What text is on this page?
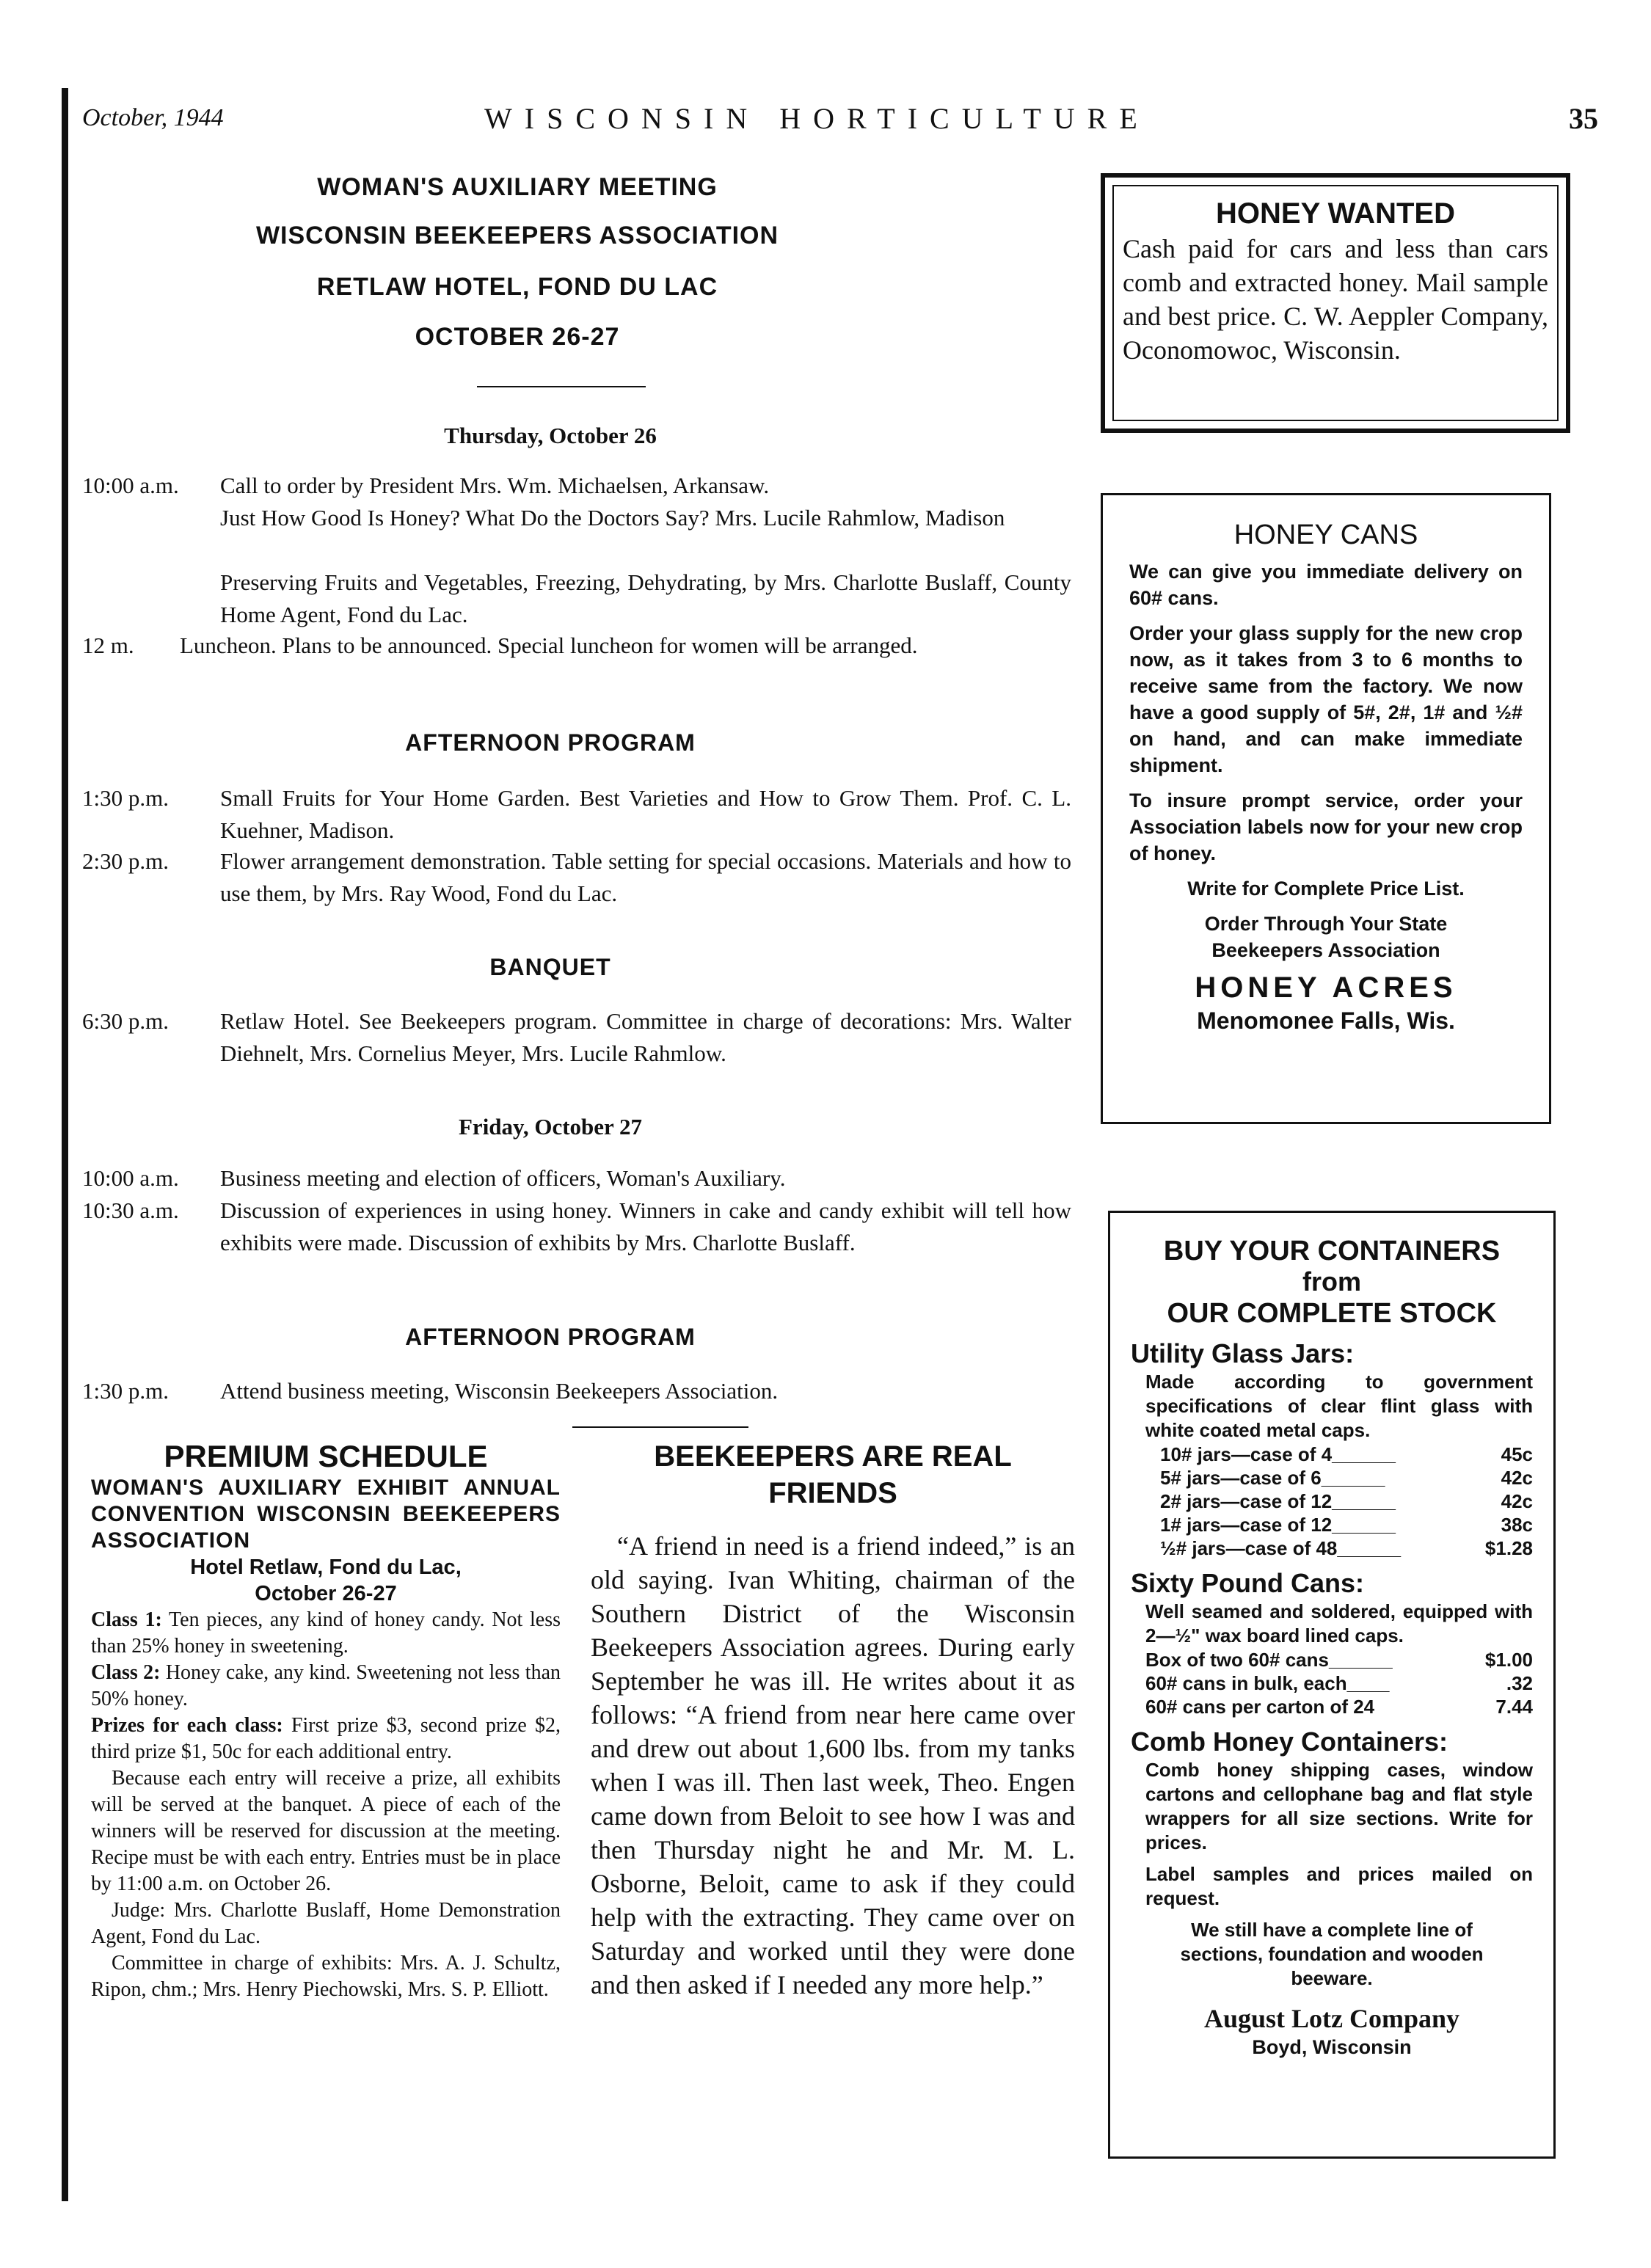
October, 1944	WISCONSIN HORTICULTURE	35
WOMAN'S AUXILIARY MEETING
WISCONSIN BEEKEEPERS ASSOCIATION
RETLAW HOTEL, FOND DU LAC
OCTOBER 26-27
Thursday, October 26
10:00 a.m. Call to order by President Mrs. Wm. Michaelsen, Arkansaw.
Just How Good Is Honey? What Do the Doctors Say? Mrs. Lucile Rahmlow, Madison
Preserving Fruits and Vegetables, Freezing, Dehydrating, by Mrs. Charlotte Buslaff, County Home Agent, Fond du Lac.
12 m. Luncheon. Plans to be announced. Special luncheon for women will be arranged.
AFTERNOON PROGRAM
1:30 p.m. Small Fruits for Your Home Garden. Best Varieties and How to Grow Them. Prof. C. L. Kuehner, Madison.
2:30 p.m. Flower arrangement demonstration. Table setting for special occasions. Materials and how to use them, by Mrs. Ray Wood, Fond du Lac.
BANQUET
6:30 p.m. Retlaw Hotel. See Beekeepers program. Committee in charge of decorations: Mrs. Walter Diehnelt, Mrs. Cornelius Meyer, Mrs. Lucile Rahmlow.
Friday, October 27
10:00 a.m. Business meeting and election of officers, Woman's Auxiliary.
10:30 a.m. Discussion of experiences in using honey. Winners in cake and candy exhibit will tell how exhibits were made. Discussion of exhibits by Mrs. Charlotte Buslaff.
AFTERNOON PROGRAM
1:30 p.m. Attend business meeting, Wisconsin Beekeepers Association.
PREMIUM SCHEDULE
WOMAN'S AUXILIARY EXHIBIT ANNUAL CONVENTION WISCONSIN BEEKEEPERS ASSOCIATION
Hotel Retlaw, Fond du Lac,
October 26-27
Class 1: Ten pieces, any kind of honey candy. Not less than 25% honey in sweetening.
Class 2: Honey cake, any kind. Sweetening not less than 50% honey.
Prizes for each class: First prize $3, second prize $2, third prize $1, 50c for each additional entry.
Because each entry will receive a prize, all exhibits will be served at the banquet. A piece of each of the winners will be reserved for discussion at the meeting. Recipe must be with each entry. Entries must be in place by 11:00 a.m. on October 26.
Judge: Mrs. Charlotte Buslaff, Home Demonstration Agent, Fond du Lac.
Committee in charge of exhibits: Mrs. A. J. Schultz, Ripon, chm.; Mrs. Henry Piechowski, Mrs. S. P. Elliott.
BEEKEEPERS ARE REAL FRIENDS
“A friend in need is a friend indeed,” is an old saying. Ivan Whiting, chairman of the Southern District of the Wisconsin Beekeepers Association agrees. During early September he was ill. He writes about it as follows: “A friend from near here came over and drew out about 1,600 lbs. from my tanks when I was ill. Then last week, Theo. Engen came down from Beloit to see how I was and then Thursday night he and Mr. M. L. Osborne, Beloit, came to ask if they could help with the extracting. They came over on Saturday and worked until they were done and then asked if I needed any more help.”
HONEY WANTED
Cash paid for cars and less than cars comb and extracted honey. Mail sample and best price. C. W. Aeppler Company, Oconomowoc, Wisconsin.
HONEY CANS
We can give you immediate delivery on 60# cans.
Order your glass supply for the new crop now, as it takes from 3 to 6 months to receive same from the factory. We now have a good supply of 5#, 2#, 1# and ½# on hand, and can make immediate shipment.
To insure prompt service, order your Association labels now for your new crop of honey.
Write for Complete Price List.
Order Through Your State Beekeepers Association
HONEY ACRES
Menomonee Falls, Wis.
BUY YOUR CONTAINERS
from
OUR COMPLETE STOCK
Utility Glass Jars:
Made according to government specifications of clear flint glass with white coated metal caps.
10# jars—case of 4______	45c
5# jars—case of 6______	42c
2# jars—case of 12______	42c
1# jars—case of 12______	38c
½# jars—case of 48______	$1.28
Sixty Pound Cans:
Well seamed and soldered, equipped with 2—½" wax board lined caps.
Box of two 60# cans______	$1.00
60# cans in bulk, each____	.32
60# cans per carton of 24	7.44
Comb Honey Containers:
Comb honey shipping cases, window cartons and cellophane bag and flat style wrappers for all size sections. Write for prices.
Label samples and prices mailed on request.
We still have a complete line of sections, foundation and wooden beeware.
August Lotz Company
Boyd, Wisconsin
